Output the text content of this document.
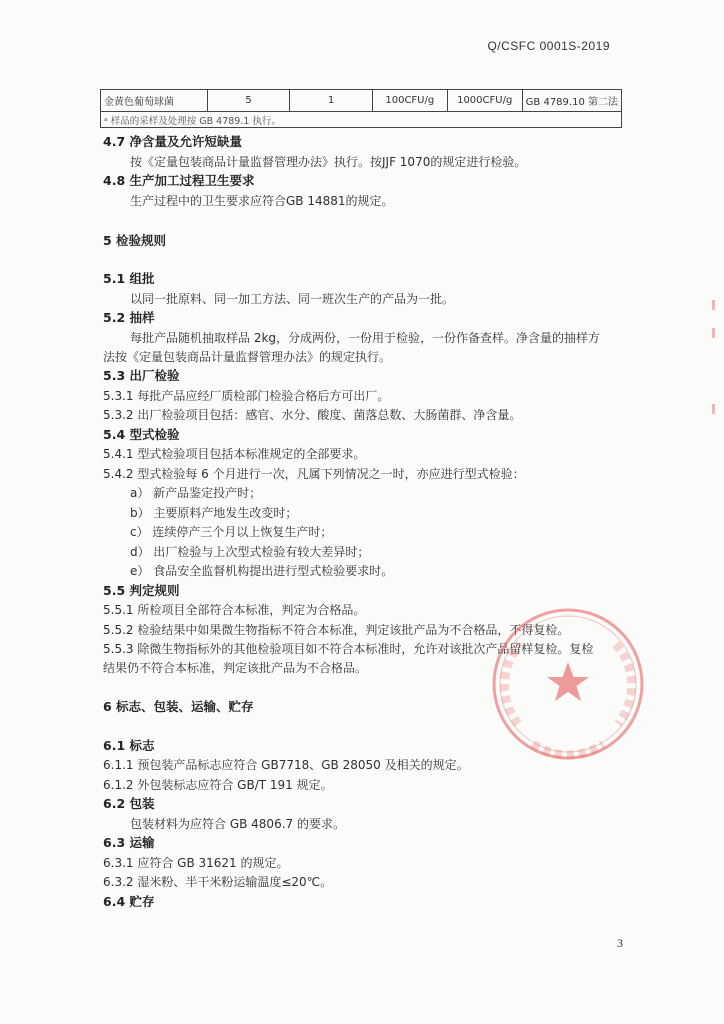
Q/CSFC 0001S-2019
金黄色葡萄球菌	5	1	100CFU/g	1000CFU/g	GB 4789.10 第二法
ᵃ 样品的采样及处理按 GB 4789.1 执行。
4.7 净含量及允许短缺量
按《定量包装商品计量监督管理办法》执行。按JJF 1070的规定进行检验。
4.8 生产加工过程卫生要求
生产过程中的卫生要求应符合GB 14881的规定。
5 检验规则
5.1 组批
以同一批原料、同一加工方法、同一班次生产的产品为一批。
5.2 抽样
每批产品随机抽取样品 2kg，分成两份，一份用于检验，一份作备查样。净含量的抽样方
法按《定量包装商品计量监督管理办法》的规定执行。
5.3 出厂检验
5.3.1 每批产品应经厂质检部门检验合格后方可出厂。
5.3.2 出厂检验项目包括：感官、水分、酸度、菌落总数、大肠菌群、净含量。
5.4 型式检验
5.4.1 型式检验项目包括本标准规定的全部要求。
5.4.2 型式检验每 6 个月进行一次，凡属下列情况之一时，亦应进行型式检验：
a） 新产品鉴定投产时；
b） 主要原料产地发生改变时；
c） 连续停产三个月以上恢复生产时；
d） 出厂检验与上次型式检验有较大差异时；
e） 食品安全监督机构提出进行型式检验要求时。
5.5 判定规则
5.5.1 所检项目全部符合本标准，判定为合格品。
5.5.2 检验结果中如果微生物指标不符合本标准，判定该批产品为不合格品，不得复检。
5.5.3 除微生物指标外的其他检验项目如不符合本标准时，允许对该批次产品留样复检。复检
结果仍不符合本标准，判定该批产品为不合格品。
6 标志、包装、运输、贮存
6.1 标志
6.1.1 预包装产品标志应符合 GB7718、GB 28050 及相关的规定。
6.1.2 外包装标志应符合 GB/T 191 规定。
6.2 包装
包装材料为应符合 GB 4806.7 的要求。
6.3 运输
6.3.1 应符合 GB 31621 的规定。
6.3.2 湿米粉、半干米粉运输温度≤20℃。
6.4 贮存
3
